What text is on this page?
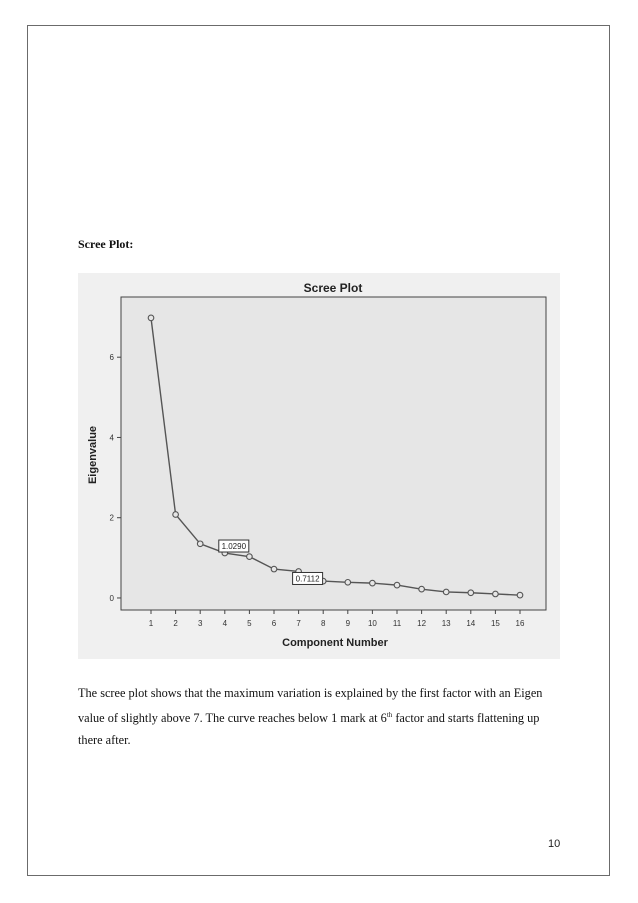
Scree Plot:
Scree Plot
Component Number
Eigenvalue
0
2
4
6
1	2	3	4	5	6	7	8	9 10 11 12 13 14 15 16
1.0290
0.7112
The scree plot shows that the maximum variation is explained by the first factor with an Eigen value of slightly above 7. The curve reaches below 1 mark at 6th factor and starts flattening up there after.
10
